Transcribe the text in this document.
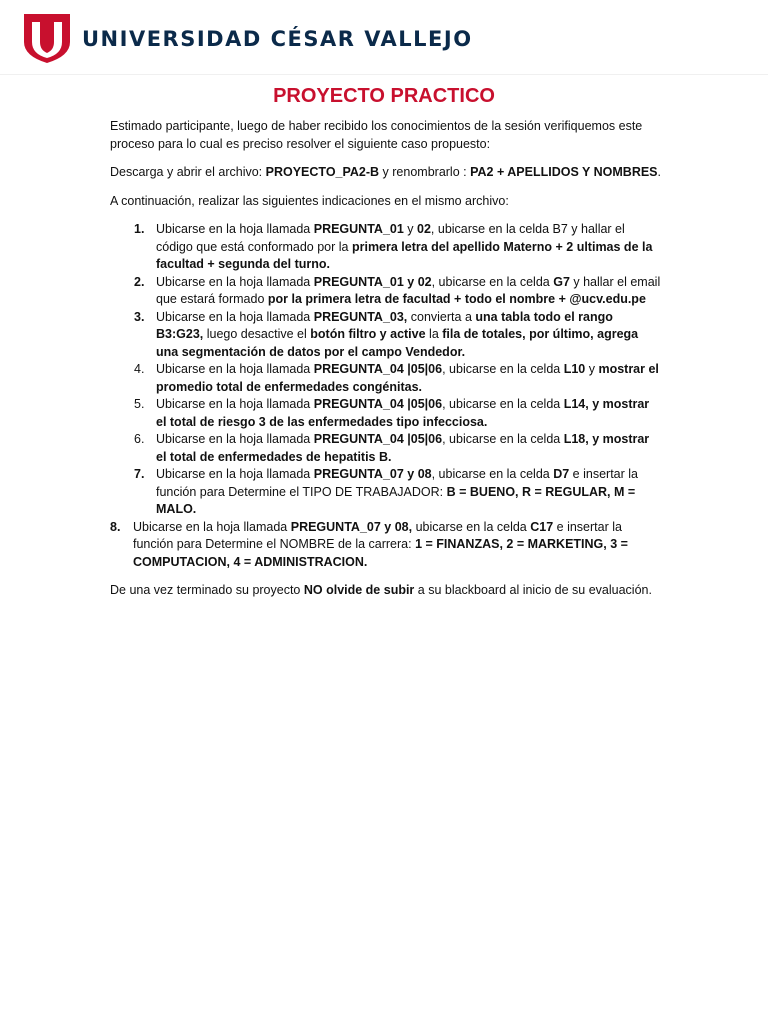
UNIVERSIDAD CÉSAR VALLEJO
PROYECTO PRACTICO

Estimado participante, luego de haber recibido los conocimientos de la sesión verifiquemos este proceso para lo cual es preciso resolver el siguiente caso propuesto:

Descarga y abrir el archivo: PROYECTO_PA2-B y renombrarlo : PA2 + APELLIDOS Y NOMBRES.

A continuación, realizar las siguientes indicaciones en el mismo archivo:

1. Ubicarse en la hoja llamada PREGUNTA_01 y 02, ubicarse en la celda B7 y hallar el código que está conformado por la primera letra del apellido Materno + 2 ultimas de la facultad + segunda del turno.
2. Ubicarse en la hoja llamada PREGUNTA_01 y 02, ubicarse en la celda G7 y hallar el email que estará formado por la primera letra de facultad + todo el nombre + @ucv.edu.pe
3. Ubicarse en la hoja llamada PREGUNTA_03, convierta a una tabla todo el rango B3:G23, luego desactive el botón filtro y active la fila de totales, por último, agrega una segmentación de datos por el campo Vendedor.
4. Ubicarse en la hoja llamada PREGUNTA_04 |05|06, ubicarse en la celda L10 y mostrar el promedio total de enfermedades congénitas.
5. Ubicarse en la hoja llamada PREGUNTA_04 |05|06, ubicarse en la celda L14, y mostrar el total de riesgo 3 de las enfermedades tipo infecciosa.
6. Ubicarse en la hoja llamada PREGUNTA_04 |05|06, ubicarse en la celda L18, y mostrar el total de enfermedades de hepatitis B.
7. Ubicarse en la hoja llamada PREGUNTA_07 y 08, ubicarse en la celda D7 e insertar la función para Determine el TIPO DE TRABAJADOR: B = BUENO, R = REGULAR, M = MALO.
8. Ubicarse en la hoja llamada PREGUNTA_07 y 08, ubicarse en la celda C17 e insertar la función para Determine el NOMBRE de la carrera: 1 = FINANZAS, 2 = MARKETING, 3 = COMPUTACION, 4 = ADMINISTRACION.

De una vez terminado su proyecto NO olvide de subir a su blackboard al inicio de su evaluación.
